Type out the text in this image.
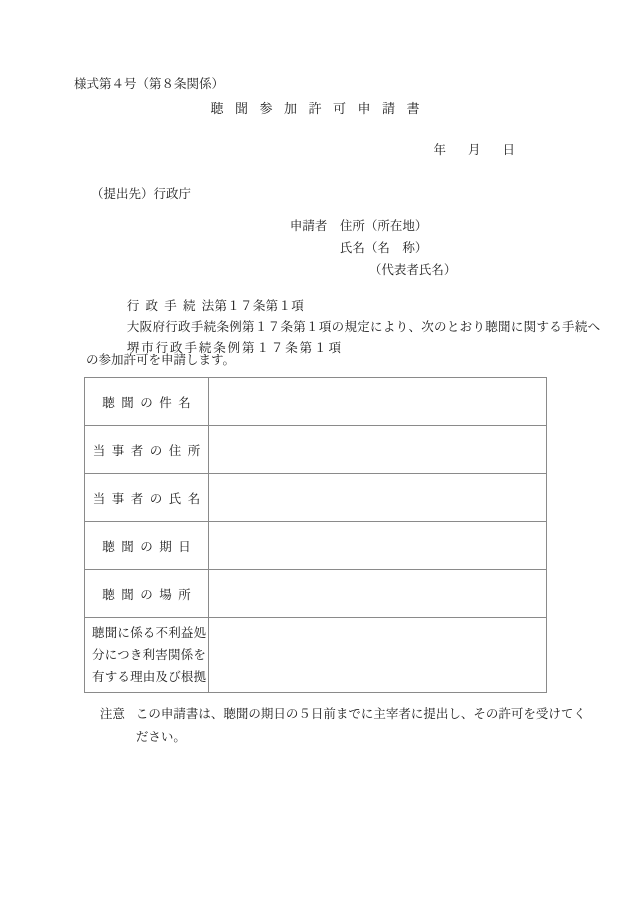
様式第４号（第８条関係）
聴聞参加許可申請書
年月日
（提出先）行政庁

申請者 住所（所在地）

氏名（名　称）

（代表者氏名）

行政手続法第１７条第１項

大阪府行政手続条例第１７条第１項の規定により、次のとおり聴聞に関する手続へ

堺市行政手続条例第１７条第１項

の参加許可を申請します。
聴聞の件名	

当事者の住所	

当事者の氏名	

聴聞の期日	

聴聞の場所	

聴聞に係る不利益処
分につき利害関係を
有する理由及び根拠	

注意 この申請書は、聴聞の期日の５日前までに主宰者に提出し、その許可を受けてく

ださい。
